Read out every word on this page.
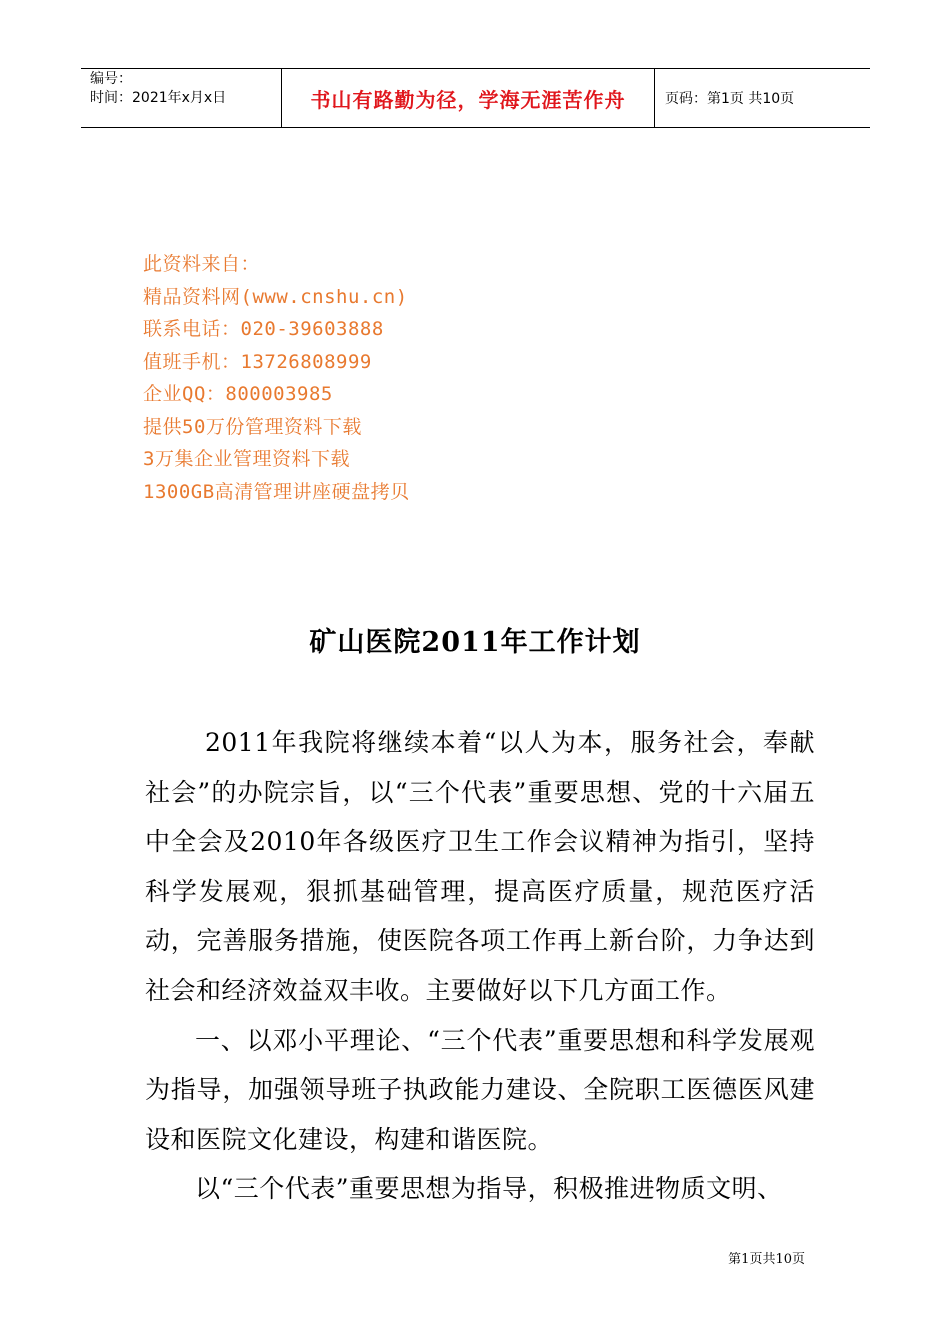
编号：
时间：2021年x月x日	书山有路勤为径，学海无涯苦作舟	页码：第1页 共10页
此资料来自：
精品资料网(www.cnshu.cn)
联系电话：020-39603888
值班手机：13726808999
企业QQ：800003985
提供50万份管理资料下载
3万集企业管理资料下载
1300GB高清管理讲座硬盘拷贝
矿山医院2011年工作计划

2011年我院将继续本着“以人为本，服务社会，奉献社会”的办院宗旨，以“三个代表”重要思想、党的十六届五中全会及2010年各级医疗卫生工作会议精神为指引，坚持科学发展观，狠抓基础管理，提高医疗质量，规范医疗活动，完善服务措施，使医院各项工作再上新台阶，力争达到社会和经济效益双丰收。主要做好以下几方面工作。

一、以邓小平理论、“三个代表”重要思想和科学发展观为指导，加强领导班子执政能力建设、全院职工医德医风建设和医院文化建设，构建和谐医院。

以“三个代表”重要思想为指导，积极推进物质文明、

第1页共10页
